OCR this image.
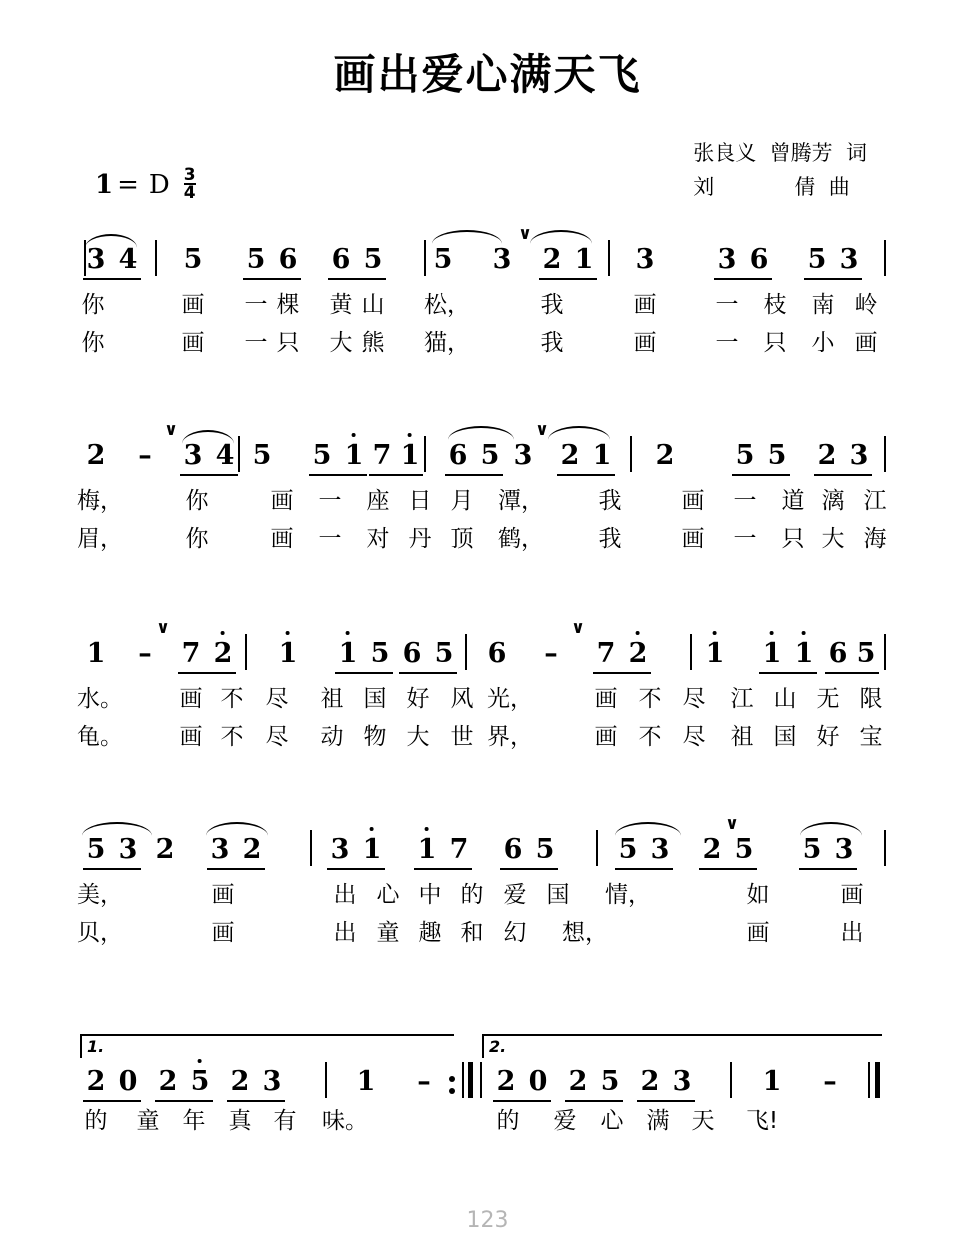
画出爱心满天飞
张良义  曾腾芳  词
刘            倩  曲
1 = D $\frac{3}{4}$
∨
3 4 5 5 6 6 5 5 3 2 1 3 3 6 5 3
你	画 一 棵 黄 山 松，	我	画	一 枝 南 岭
你	画 一 只 大 熊 猫，	我	画	一 只 小 画
∨	∨
2 – 3 4 5 5 1 7 1 6 5 3 2 1 2 5 5 2 3
梅，	你	画 一 座 日 月 潭， 我	画 一 道 漓 江
眉，	你	画 一 对 丹 顶 鹤， 我	画 一 只 大 海
∨	∨
1 – 7 2 1 1 5 6 5 6 – 7 2 1 1 1 6 5
水。 画 不 尽 祖 国 好 风 光，	画 不 尽 江 山 无 限
龟。 画 不 尽 动 物 大 世 界，	画 不 尽 祖 国 好 宝
∨
5 3 2 3 2	3 1 1 7 6 5 5 3 2 5 5 3
美，	画	出 心 中 的 爱 国 情，	如	画
贝，	画	出 童 趣 和 幻 想，	画	出
1.	2.
2 0 2 5 2 3	1 – 2 0 2 5 2 3	1 –
的 童 年 真 有 味。	的 爱 心 满 天 飞!
123
